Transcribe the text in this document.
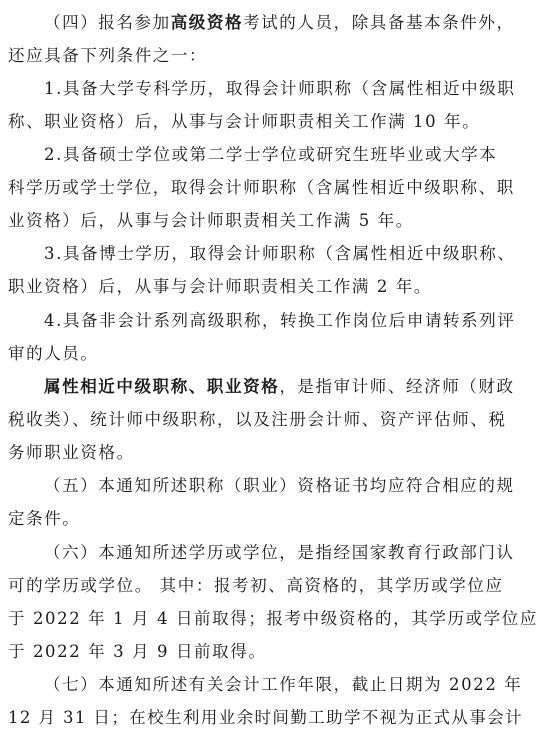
（四）报名参加高级资格考试的人员，除具备基本条件外，
还应具备下列条件之一：
1.具备大学专科学历，取得会计师职称（含属性相近中级职
称、职业资格）后，从事与会计师职责相关工作满 10 年。
2.具备硕士学位或第二学士学位或研究生班毕业或大学本
科学历或学士学位，取得会计师职称（含属性相近中级职称、职
业资格）后，从事与会计师职责相关工作满 5 年。
3.具备博士学历，取得会计师职称（含属性相近中级职称、
职业资格）后，从事与会计师职责相关工作满 2 年。
4.具备非会计系列高级职称，转换工作岗位后申请转系列评
审的人员。
属性相近中级职称、职业资格，是指审计师、经济师（财政
税收类）、统计师中级职称，以及注册会计师、资产评估师、税
务师职业资格。
（五）本通知所述职称（职业）资格证书均应符合相应的规
定条件。
（六）本通知所述学历或学位，是指经国家教育行政部门认
可的学历或学位。 其中：报考初、高资格的，其学历或学位应
于 2022 年 1 月 4 日前取得；报考中级资格的，其学历或学位应
于 2022 年 3 月 9 日前取得。
（七）本通知所述有关会计工作年限，截止日期为 2022 年
12 月 31 日；在校生利用业余时间勤工助学不视为正式从事会计
